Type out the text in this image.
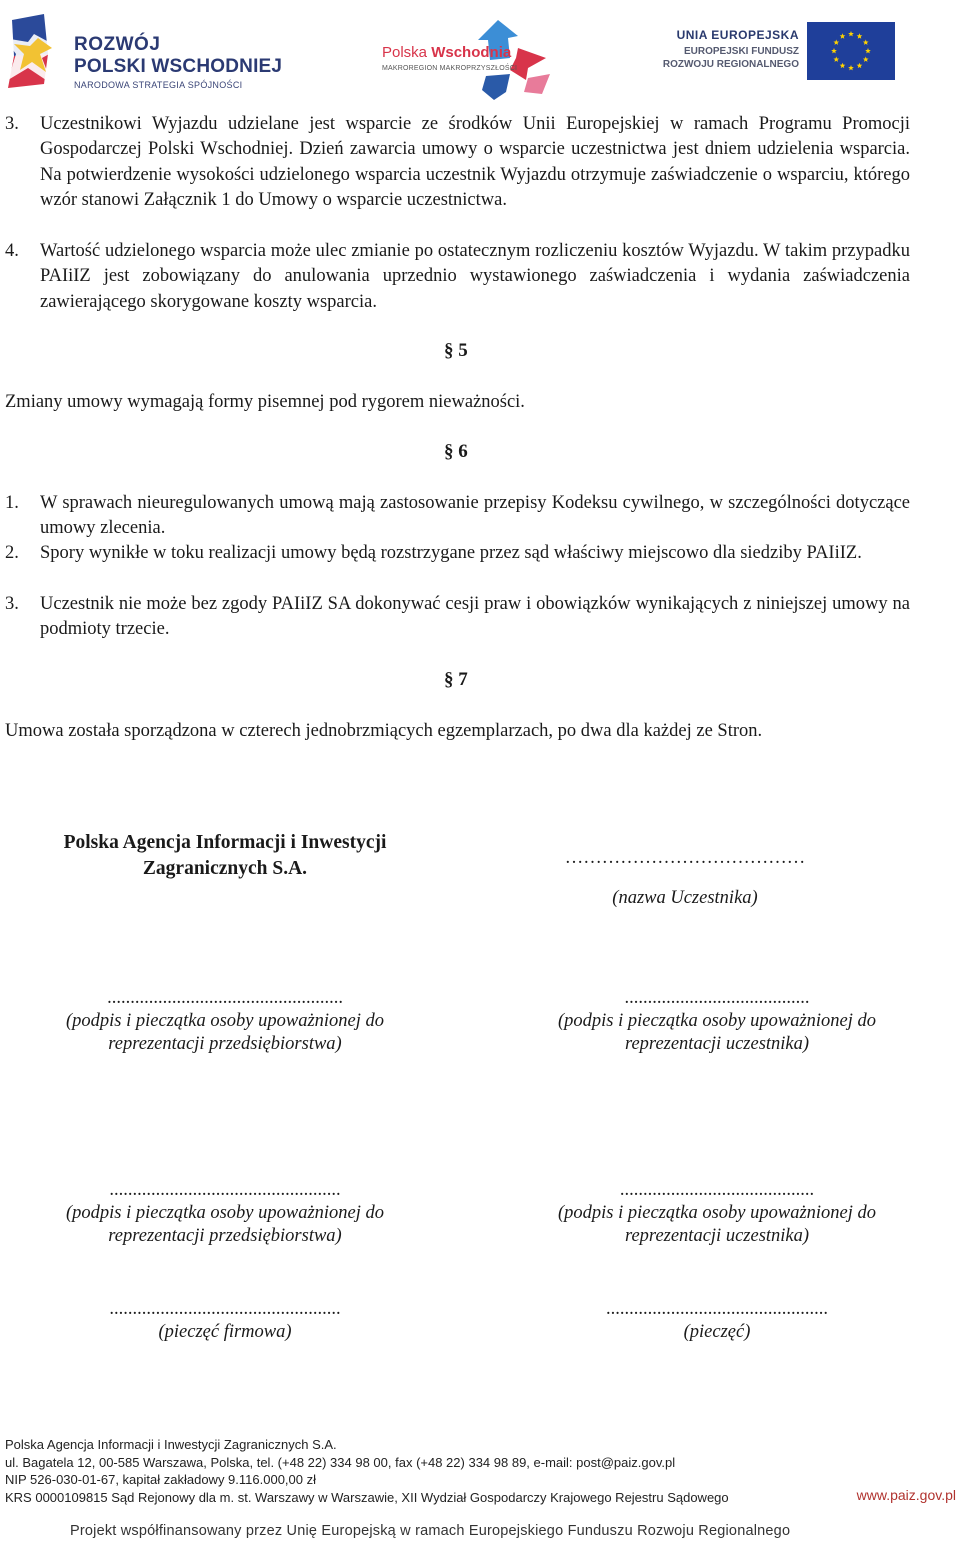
ROZWÓJ
POLSKI WSCHODNIEJ
NARODOWA STRATEGIA SPÓJNOŚCI
Polska Wschodnia
MAKROREGION MAKROPRZYSZŁOŚCI
UNIA EUROPEJSKA
EUROPEJSKI FUNDUSZ
ROZWOJU REGIONALNEGO
3. Uczestnikowi Wyjazdu udzielane jest wsparcie ze środków Unii Europejskiej w ramach Programu Promocji Gospodarczej Polski Wschodniej. Dzień zawarcia umowy o wsparcie uczestnictwa jest dniem udzielenia wsparcia. Na potwierdzenie wysokości udzielonego wsparcia uczestnik Wyjazdu otrzymuje zaświadczenie o wsparciu, którego wzór stanowi Załącznik 1 do Umowy o wsparcie uczestnictwa.
4. Wartość udzielonego wsparcia może ulec zmianie po ostatecznym rozliczeniu kosztów Wyjazdu. W takim przypadku PAIiIZ jest zobowiązany do anulowania uprzednio wystawionego zaświadczenia i wydania zaświadczenia zawierającego skorygowane koszty wsparcia.
§ 5
Zmiany umowy wymagają formy pisemnej pod rygorem nieważności.
§ 6
1. W sprawach nieuregulowanych umową mają zastosowanie przepisy Kodeksu cywilnego, w szczególności dotyczące umowy zlecenia.
2. Spory wynikłe w toku realizacji umowy będą rozstrzygane przez sąd właściwy miejscowo dla siedziby PAIiIZ.
3. Uczestnik nie może bez zgody PAIiIZ SA dokonywać cesji praw i obowiązków wynikających z niniejszej umowy na podmioty trzecie.
§ 7
Umowa została sporządzona w czterech jednobrzmiących egzemplarzach, po dwa dla każdej ze Stron.
Polska Agencja Informacji i Inwestycji
Zagranicznych S.A.	…………………………………
(nazwa Uczestnika)
...................................................
(podpis i pieczątka osoby upoważnionej do
reprezentacji przedsiębiorstwa)
........................................
(podpis i pieczątka osoby upoważnionej do
reprezentacji uczestnika)
..................................................
(podpis i pieczątka osoby upoważnionej do
reprezentacji przedsiębiorstwa)
..........................................
(podpis i pieczątka osoby upoważnionej do
reprezentacji uczestnika)
..................................................
(pieczęć firmowa)
................................................
(pieczęć)
Polska Agencja Informacji i Inwestycji Zagranicznych S.A.
ul. Bagatela 12, 00-585 Warszawa, Polska, tel. (+48 22) 334 98 00, fax (+48 22) 334 98 89, e-mail: post@paiz.gov.pl
NIP 526-030-01-67, kapitał zakładowy 9.116.000,00 zł
KRS 0000109815 Sąd Rejonowy dla m. st. Warszawy w Warszawie, XII Wydział Gospodarczy Krajowego Rejestru Sądowego	www.paiz.gov.pl
Projekt współfinansowany przez Unię Europejską w ramach Europejskiego Funduszu Rozwoju Regionalnego
